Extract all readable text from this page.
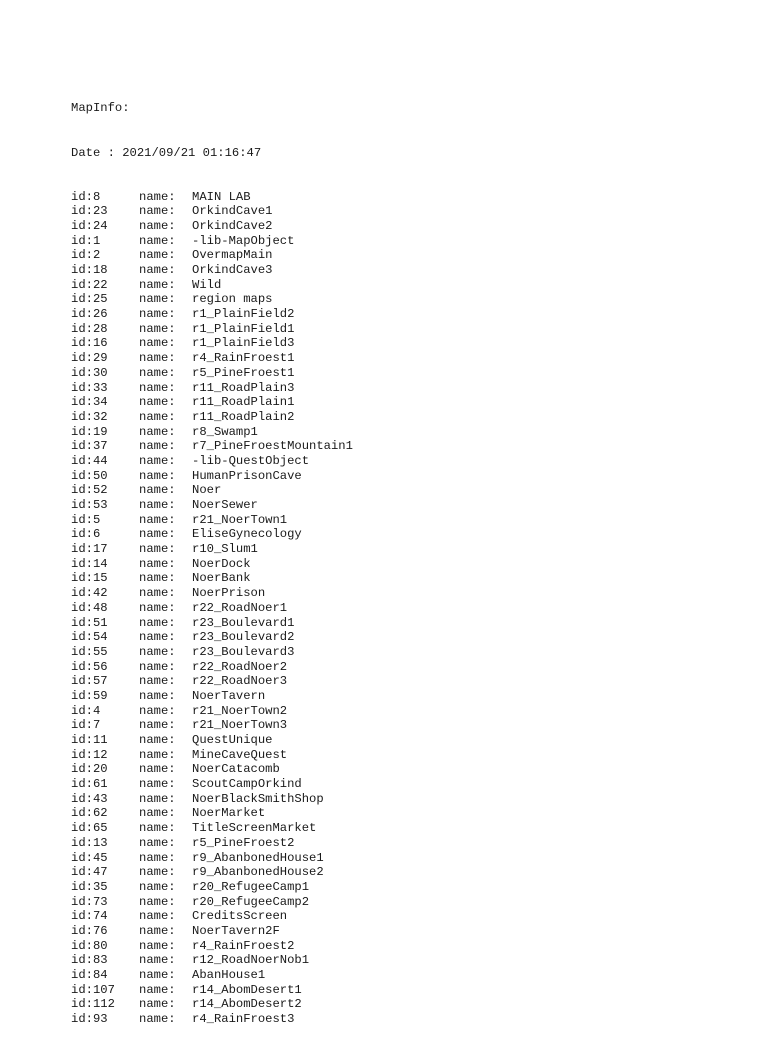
MapInfo:

Date : 2021/09/21 01:16:47

id:8	name:	MAIN LAB
id:23	name:	OrkindCave1
id:24	name:	OrkindCave2
id:1	name:	-lib-MapObject
id:2	name:	OvermapMain
id:18	name:	OrkindCave3
id:22	name:	Wild
id:25	name:	region maps
id:26	name:	r1_PlainField2
id:28	name:	r1_PlainField1
id:16	name:	r1_PlainField3
id:29	name:	r4_RainFroest1
id:30	name:	r5_PineFroest1
id:33	name:	r11_RoadPlain3
id:34	name:	r11_RoadPlain1
id:32	name:	r11_RoadPlain2
id:19	name:	r8_Swamp1
id:37	name:	r7_PineFroestMountain1
id:44	name:	-lib-QuestObject
id:50	name:	HumanPrisonCave
id:52	name:	Noer
id:53	name:	NoerSewer
id:5	name:	r21_NoerTown1
id:6	name:	EliseGynecology
id:17	name:	r10_Slum1
id:14	name:	NoerDock
id:15	name:	NoerBank
id:42	name:	NoerPrison
id:48	name:	r22_RoadNoer1
id:51	name:	r23_Boulevard1
id:54	name:	r23_Boulevard2
id:55	name:	r23_Boulevard3
id:56	name:	r22_RoadNoer2
id:57	name:	r22_RoadNoer3
id:59	name:	NoerTavern
id:4	name:	r21_NoerTown2
id:7	name:	r21_NoerTown3
id:11	name:	QuestUnique
id:12	name:	MineCaveQuest
id:20	name:	NoerCatacomb
id:61	name:	ScoutCampOrkind
id:43	name:	NoerBlackSmithShop
id:62	name:	NoerMarket
id:65	name:	TitleScreenMarket
id:13	name:	r5_PineFroest2
id:45	name:	r9_AbanbonedHouse1
id:47	name:	r9_AbanbonedHouse2
id:35	name:	r20_RefugeeCamp1
id:73	name:	r20_RefugeeCamp2
id:74	name:	CreditsScreen
id:76	name:	NoerTavern2F
id:80	name:	r4_RainFroest2
id:83	name:	r12_RoadNoerNob1
id:84	name:	AbanHouse1
id:107	name:	r14_AbomDesert1
id:112	name:	r14_AbomDesert2
id:93	name:	r4_RainFroest3
